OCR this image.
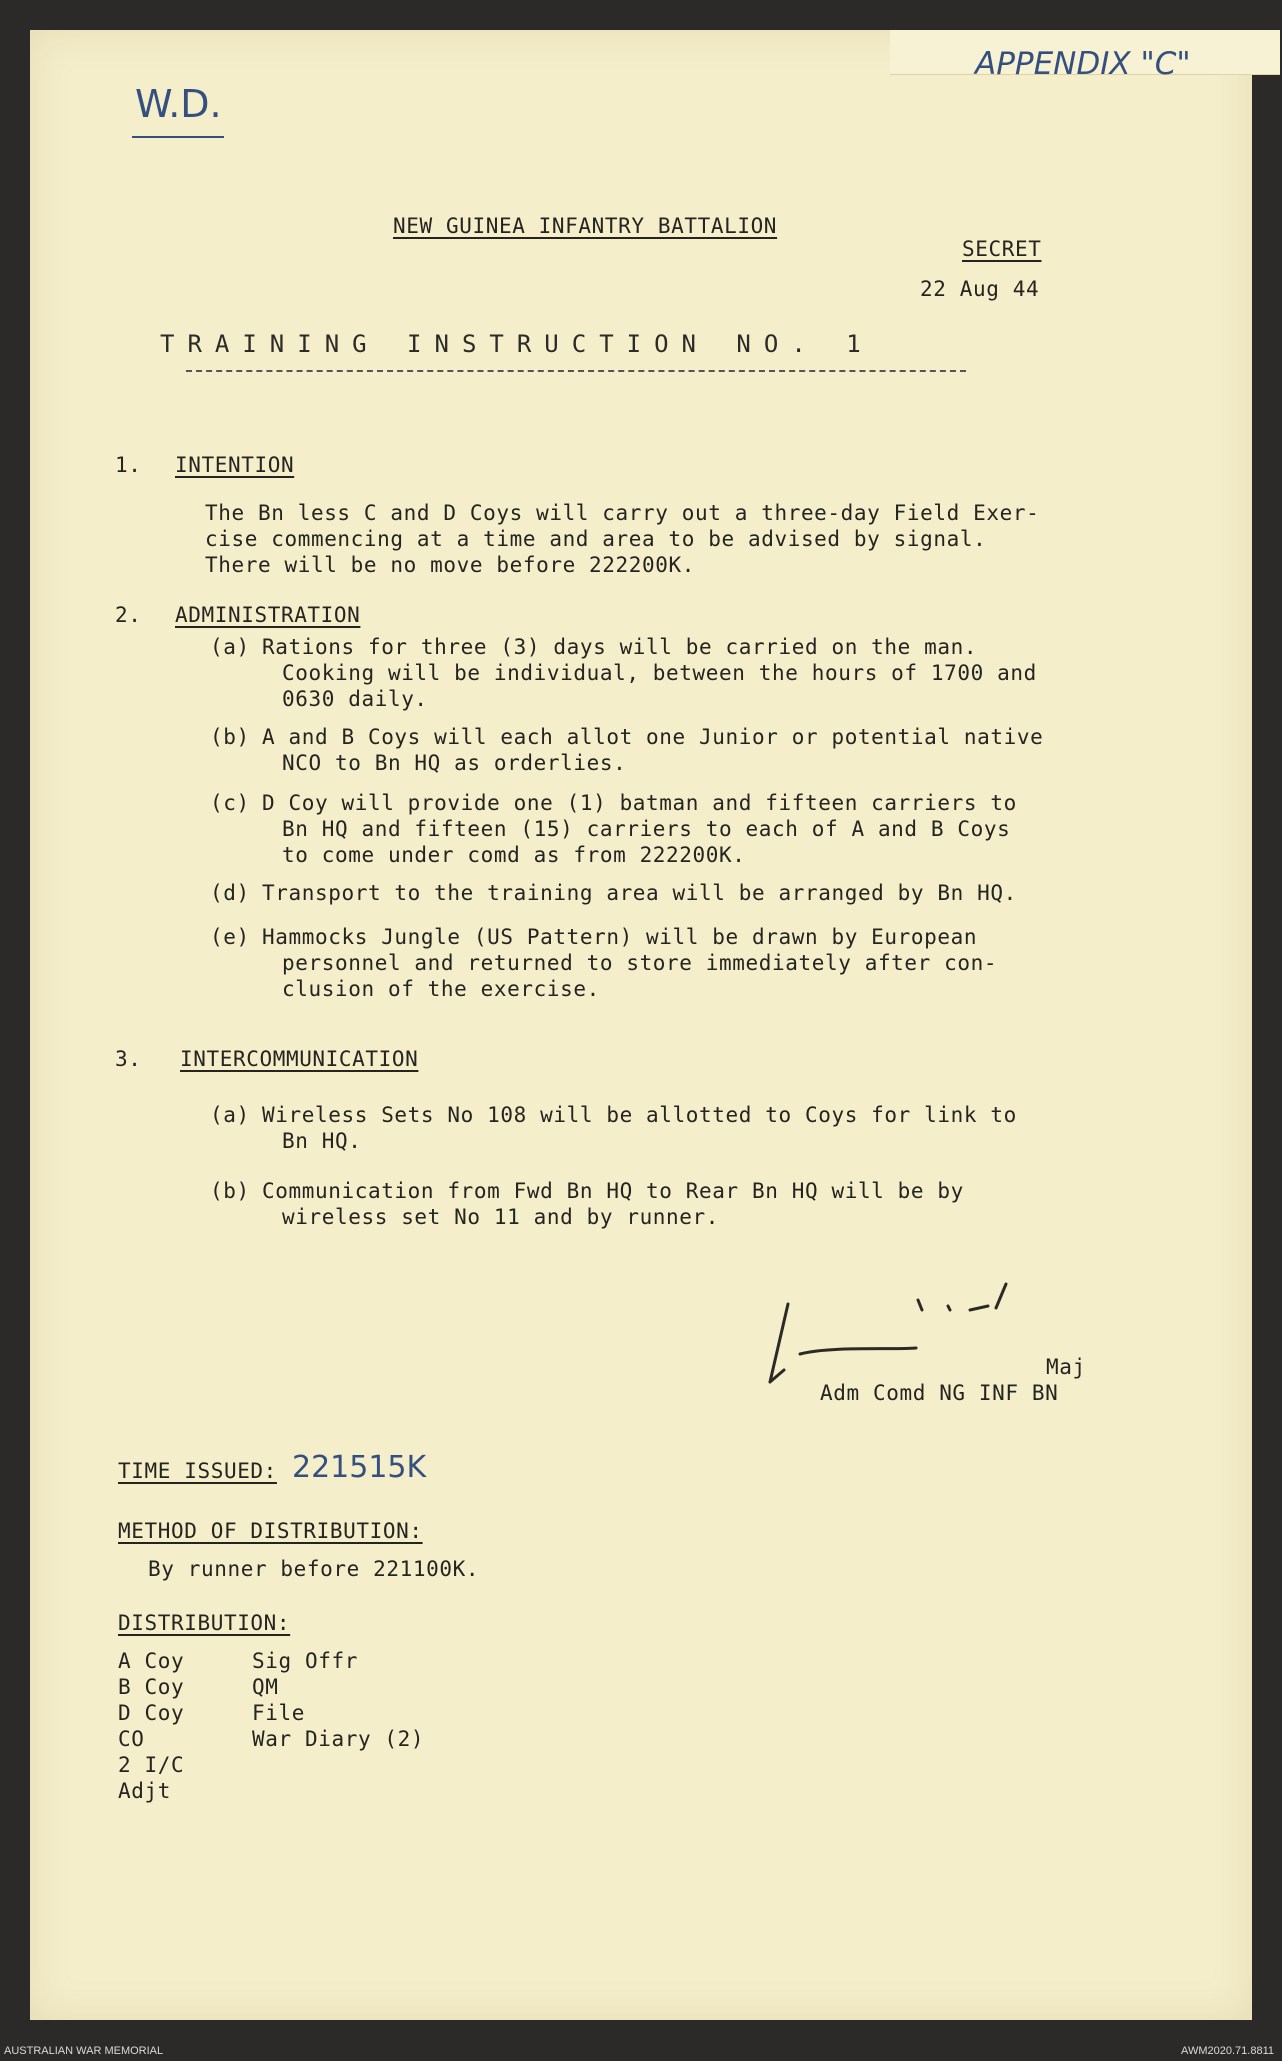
W.D.
APPENDIX "C"
NEW GUINEA INFANTRY BATTALION
SECRET
22 Aug 44
TRAINING INSTRUCTION NO. 1
1. INTENTION
The Bn less C and D Coys will carry out a three-day Field Exer-
cise commencing at a time and area to be advised by signal.
There will be no move before 222200K.
2. ADMINISTRATION
(a) Rations for three (3) days will be carried on the man.
Cooking will be individual, between the hours of 1700 and
0630 daily.
(b) A and B Coys will each allot one Junior or potential native
NCO to Bn HQ as orderlies.
(c) D Coy will provide one (1) batman and fifteen carriers to
Bn HQ and fifteen (15) carriers to each of A and B Coys
to come under comd as from 222200K.
(d) Transport to the training area will be arranged by Bn HQ.
(e) Hammocks Jungle (US Pattern) will be drawn by European
personnel and returned to store immediately after con-
clusion of the exercise.
3. INTERCOMMUNICATION
(a) Wireless Sets No 108 will be allotted to Coys for link to
Bn HQ.
(b) Communication from Fwd Bn HQ to Rear Bn HQ will be by
wireless set No 11 and by runner.
Maj
Adm Comd NG INF BN
TIME ISSUED: 221515K
METHOD OF DISTRIBUTION:
By runner before 221100K.
DISTRIBUTION:
A Coy
B Coy
D Coy
CO
2 I/C
Adjt
Sig Offr
QM
File
War Diary (2)
AUSTRALIAN WAR MEMORIAL	AWM2020.71.8811
